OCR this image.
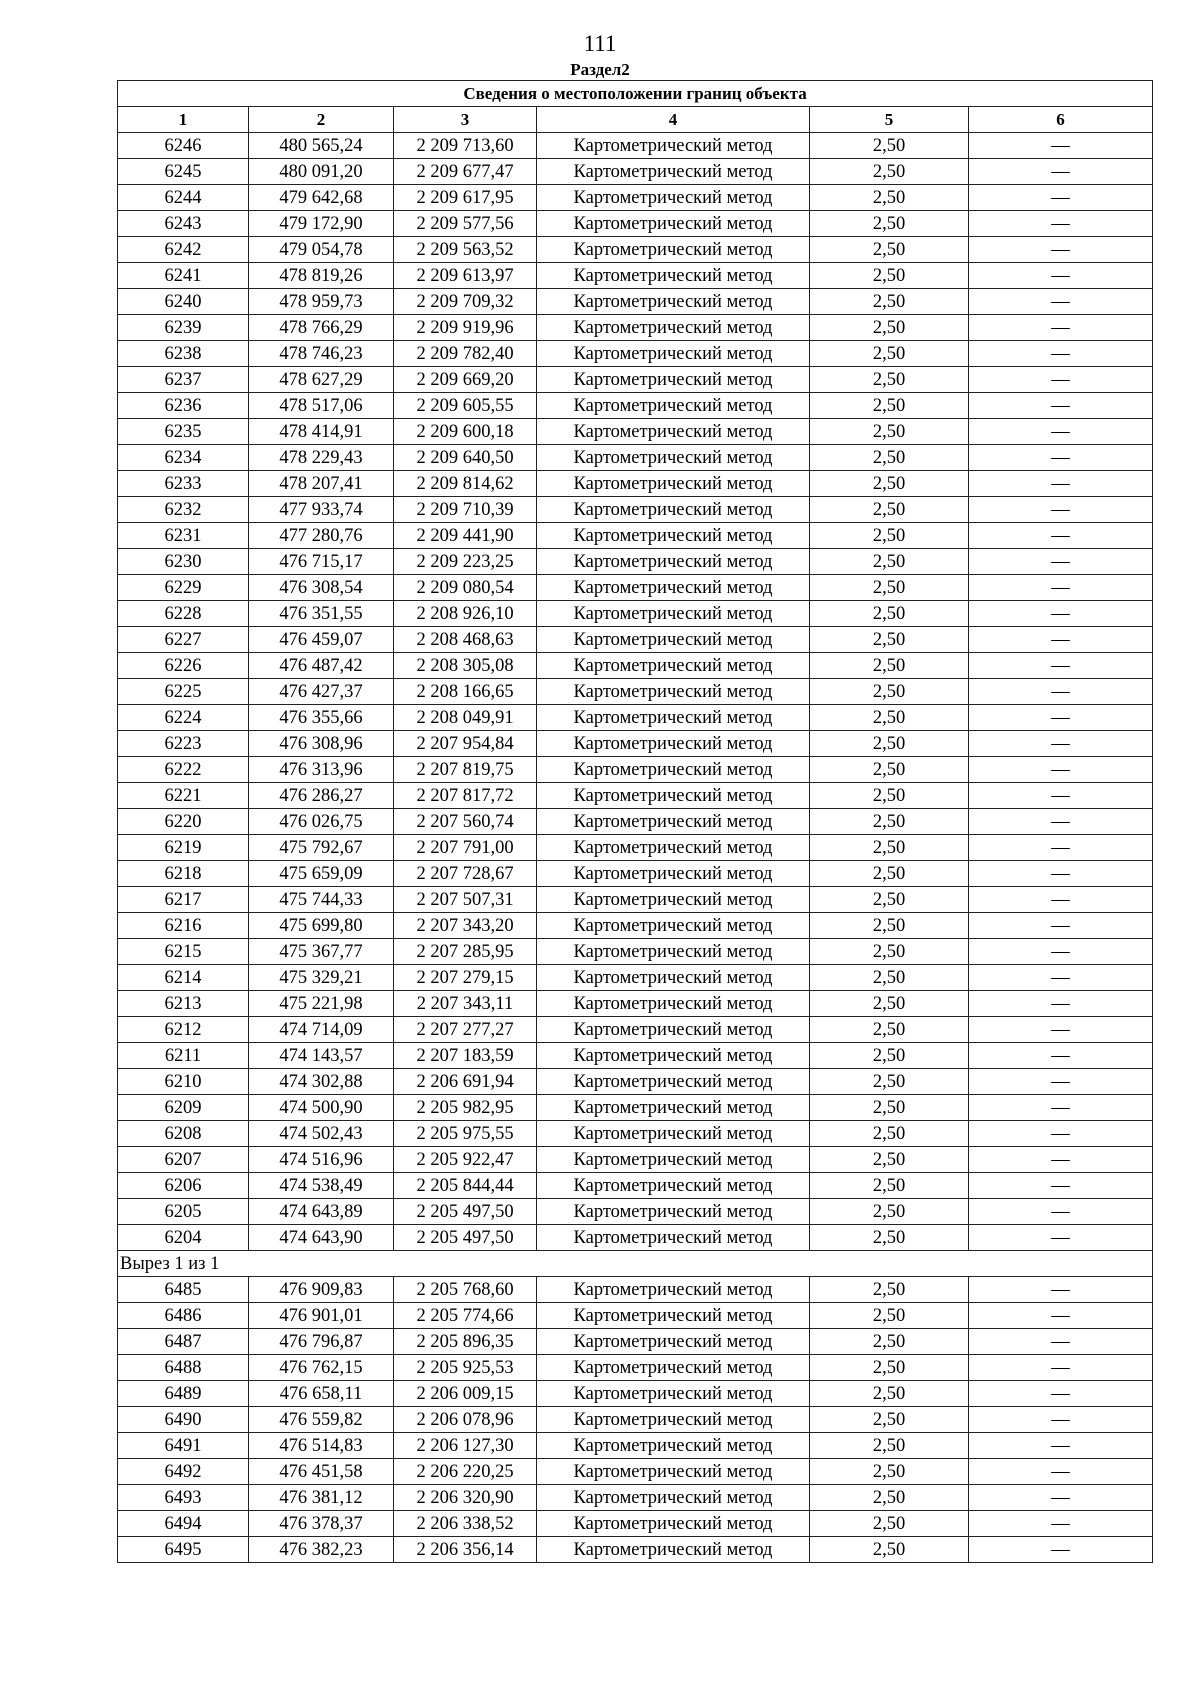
111
Раздел2
Сведения о местоположении границ объекта					
1	2	3	4	5	6
6246	480 565,24	2 209 713,60	Картометрический метод	2,50	—
6245	480 091,20	2 209 677,47	Картометрический метод	2,50	—
6244	479 642,68	2 209 617,95	Картометрический метод	2,50	—
6243	479 172,90	2 209 577,56	Картометрический метод	2,50	—
6242	479 054,78	2 209 563,52	Картометрический метод	2,50	—
6241	478 819,26	2 209 613,97	Картометрический метод	2,50	—
6240	478 959,73	2 209 709,32	Картометрический метод	2,50	—
6239	478 766,29	2 209 919,96	Картометрический метод	2,50	—
6238	478 746,23	2 209 782,40	Картометрический метод	2,50	—
6237	478 627,29	2 209 669,20	Картометрический метод	2,50	—
6236	478 517,06	2 209 605,55	Картометрический метод	2,50	—
6235	478 414,91	2 209 600,18	Картометрический метод	2,50	—
6234	478 229,43	2 209 640,50	Картометрический метод	2,50	—
6233	478 207,41	2 209 814,62	Картометрический метод	2,50	—
6232	477 933,74	2 209 710,39	Картометрический метод	2,50	—
6231	477 280,76	2 209 441,90	Картометрический метод	2,50	—
6230	476 715,17	2 209 223,25	Картометрический метод	2,50	—
6229	476 308,54	2 209 080,54	Картометрический метод	2,50	—
6228	476 351,55	2 208 926,10	Картометрический метод	2,50	—
6227	476 459,07	2 208 468,63	Картометрический метод	2,50	—
6226	476 487,42	2 208 305,08	Картометрический метод	2,50	—
6225	476 427,37	2 208 166,65	Картометрический метод	2,50	—
6224	476 355,66	2 208 049,91	Картометрический метод	2,50	—
6223	476 308,96	2 207 954,84	Картометрический метод	2,50	—
6222	476 313,96	2 207 819,75	Картометрический метод	2,50	—
6221	476 286,27	2 207 817,72	Картометрический метод	2,50	—
6220	476 026,75	2 207 560,74	Картометрический метод	2,50	—
6219	475 792,67	2 207 791,00	Картометрический метод	2,50	—
6218	475 659,09	2 207 728,67	Картометрический метод	2,50	—
6217	475 744,33	2 207 507,31	Картометрический метод	2,50	—
6216	475 699,80	2 207 343,20	Картометрический метод	2,50	—
6215	475 367,77	2 207 285,95	Картометрический метод	2,50	—
6214	475 329,21	2 207 279,15	Картометрический метод	2,50	—
6213	475 221,98	2 207 343,11	Картометрический метод	2,50	—
6212	474 714,09	2 207 277,27	Картометрический метод	2,50	—
6211	474 143,57	2 207 183,59	Картометрический метод	2,50	—
6210	474 302,88	2 206 691,94	Картометрический метод	2,50	—
6209	474 500,90	2 205 982,95	Картометрический метод	2,50	—
6208	474 502,43	2 205 975,55	Картометрический метод	2,50	—
6207	474 516,96	2 205 922,47	Картометрический метод	2,50	—
6206	474 538,49	2 205 844,44	Картометрический метод	2,50	—
6205	474 643,89	2 205 497,50	Картометрический метод	2,50	—
6204	474 643,90	2 205 497,50	Картометрический метод	2,50	—
Вырез 1 из 1					
6485	476 909,83	2 205 768,60	Картометрический метод	2,50	—
6486	476 901,01	2 205 774,66	Картометрический метод	2,50	—
6487	476 796,87	2 205 896,35	Картометрический метод	2,50	—
6488	476 762,15	2 205 925,53	Картометрический метод	2,50	—
6489	476 658,11	2 206 009,15	Картометрический метод	2,50	—
6490	476 559,82	2 206 078,96	Картометрический метод	2,50	—
6491	476 514,83	2 206 127,30	Картометрический метод	2,50	—
6492	476 451,58	2 206 220,25	Картометрический метод	2,50	—
6493	476 381,12	2 206 320,90	Картометрический метод	2,50	—
6494	476 378,37	2 206 338,52	Картометрический метод	2,50	—
6495	476 382,23	2 206 356,14	Картометрический метод	2,50	—
